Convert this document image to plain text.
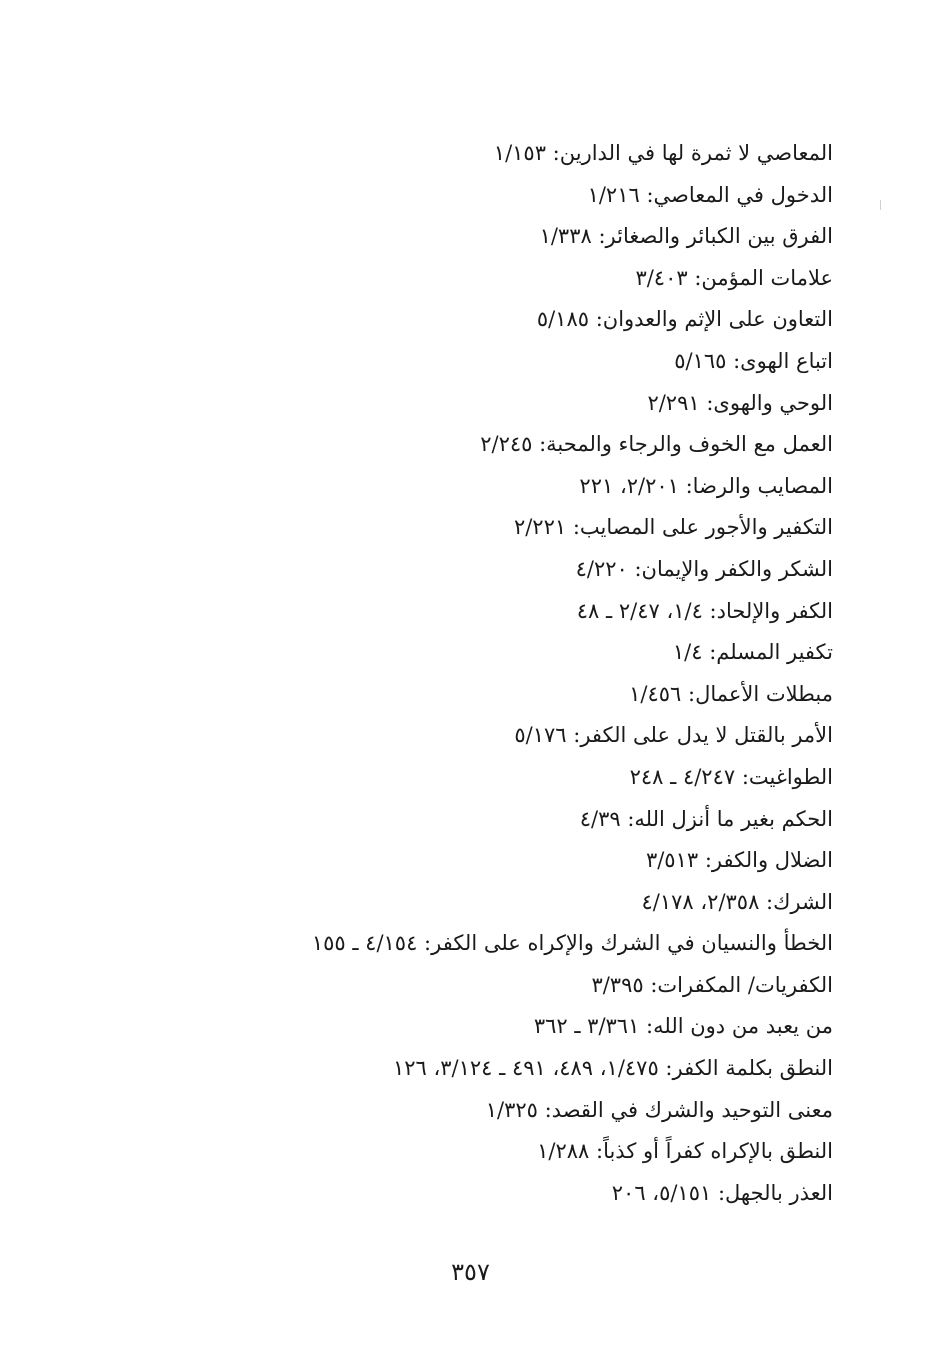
المعاصي لا ثمرة لها في الدارين: ١/١٥٣
الدخول في المعاصي: ١/٢١٦
الفرق بين الكبائر والصغائر: ١/٣٣٨
علامات المؤمن: ٣/٤٠٣
التعاون على الإثم والعدوان: ٥/١٨٥
اتباع الهوى: ٥/١٦٥
الوحي والهوى: ٢/٢٩١
العمل مع الخوف والرجاء والمحبة: ٢/٢٤٥
المصايب والرضا: ٢/٢٠١، ٢٢١
التكفير والأجور على المصايب: ٢/٢٢١
الشكر والكفر والإيمان: ٤/٢٢٠
الكفر والإلحاد: ١/٤، ٢/٤٧ ـ ٤٨
تكفير المسلم: ١/٤
مبطلات الأعمال: ١/٤٥٦
الأمر بالقتل لا يدل على الكفر: ٥/١٧٦
الطواغيت: ٤/٢٤٧ ـ ٢٤٨
الحكم بغير ما أنزل الله: ٤/٣٩
الضلال والكفر: ٣/٥١٣
الشرك: ٢/٣٥٨، ٤/١٧٨
الخطأ والنسيان في الشرك والإكراه على الكفر: ٤/١٥٤ ـ ١٥٥
الكفريات/ المكفرات: ٣/٣٩٥
من يعبد من دون الله: ٣/٣٦١ ـ ٣٦٢
النطق بكلمة الكفر: ١/٤٧٥، ٤٨٩، ٤٩١ ـ ٣/١٢٤، ١٢٦
معنى التوحيد والشرك في القصد: ١/٣٢٥
النطق بالإكراه كفراً أو كذباً: ١/٢٨٨
العذر بالجهل: ٥/١٥١، ٢٠٦
٣٥٧
